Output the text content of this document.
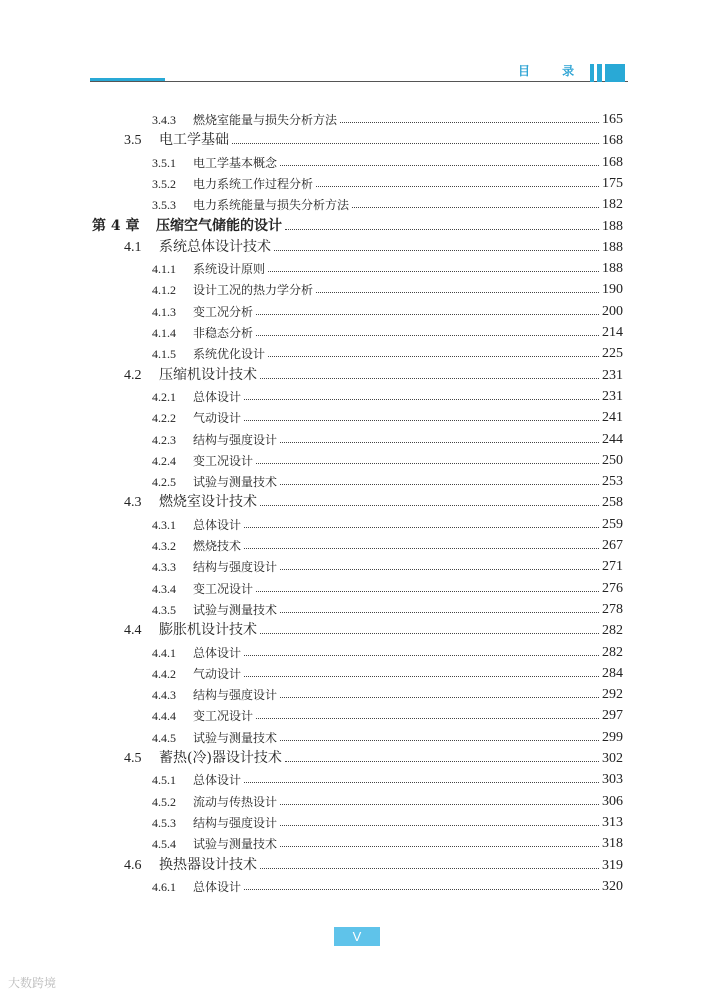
目 录
3.4.3	燃烧室能量与损失分析方法	165
3.5	电工学基础	168
3.5.1	电工学基本概念	168
3.5.2	电力系统工作过程分析	175
3.5.3	电力系统能量与损失分析方法	182
第 4 章	压缩空气储能的设计	188
4.1	系统总体设计技术	188
4.1.1	系统设计原则	188
4.1.2	设计工况的热力学分析	190
4.1.3	变工况分析	200
4.1.4	非稳态分析	214
4.1.5	系统优化设计	225
4.2	压缩机设计技术	231
4.2.1	总体设计	231
4.2.2	气动设计	241
4.2.3	结构与强度设计	244
4.2.4	变工况设计	250
4.2.5	试验与测量技术	253
4.3	燃烧室设计技术	258
4.3.1	总体设计	259
4.3.2	燃烧技术	267
4.3.3	结构与强度设计	271
4.3.4	变工况设计	276
4.3.5	试验与测量技术	278
4.4	膨胀机设计技术	282
4.4.1	总体设计	282
4.4.2	气动设计	284
4.4.3	结构与强度设计	292
4.4.4	变工况设计	297
4.4.5	试验与测量技术	299
4.5	蓄热(冷)器设计技术	302
4.5.1	总体设计	303
4.5.2	流动与传热设计	306
4.5.3	结构与强度设计	313
4.5.4	试验与测量技术	318
4.6	换热器设计技术	319
4.6.1	总体设计	320
V
大数跨境
